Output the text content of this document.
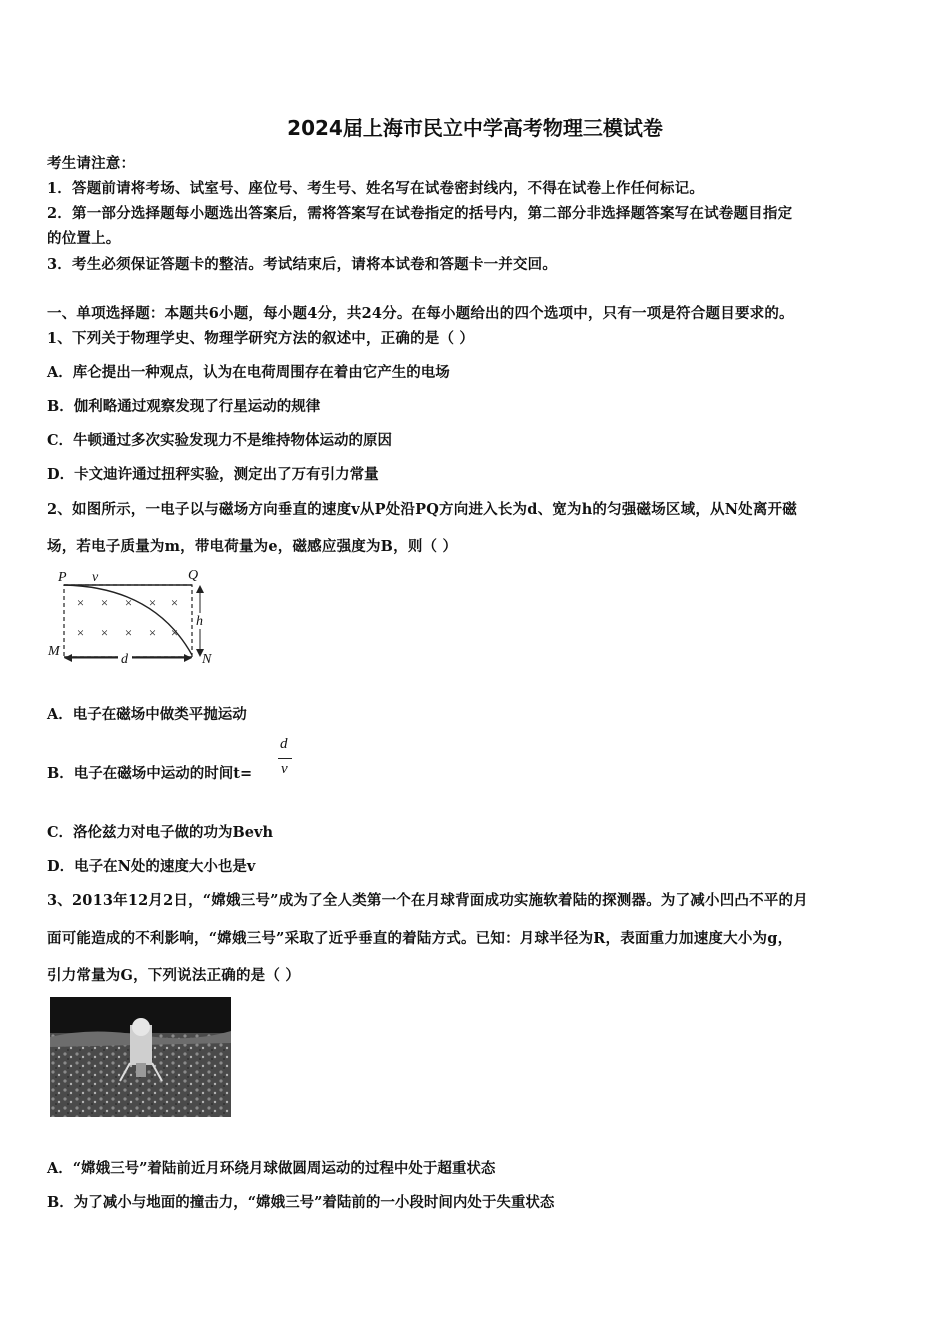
2024届上海市民立中学高考物理三模试卷
考生请注意：
1．答题前请将考场、试室号、座位号、考生号、姓名写在试卷密封线内，不得在试卷上作任何标记。
2．第一部分选择题每小题选出答案后，需将答案写在试卷指定的括号内，第二部分非选择题答案写在试卷题目指定
的位置上。
3．考生必须保证答题卡的整洁。考试结束后，请将本试卷和答题卡一并交回。
一、单项选择题：本题共6小题，每小题4分，共24分。在每小题给出的四个选项中，只有一项是符合题目要求的。
1、下列关于物理学史、物理学研究方法的叙述中，正确的是（ ）
A．库仑提出一种观点，认为在电荷周围存在着由它产生的电场
B．伽利略通过观察发现了行星运动的规律
C．牛顿通过多次实验发现力不是维持物体运动的原因
D．卡文迪许通过扭秤实验，测定出了万有引力常量
2、如图所示，一电子以与磁场方向垂直的速度v从P处沿PQ方向进入长为d、宽为h的匀强磁场区域，从N处离开磁
场，若电子质量为m，带电荷量为e，磁感应强度为B，则（ ）
× × × × ×
× × × × ×
P v	Q
M
N
h
d
A．电子在磁场中做类平抛运动
B．电子在磁场中运动的时间t=
d
v
C．洛伦兹力对电子做的功为Bevh
D．电子在N处的速度大小也是v
3、2013年12月2日，“嫦娥三号”成为了全人类第一个在月球背面成功实施软着陆的探测器。为了减小凹凸不平的月
面可能造成的不利影响，“嫦娥三号”采取了近乎垂直的着陆方式。已知：月球半径为R，表面重力加速度大小为g，
引力常量为G，下列说法正确的是（ ）
A．“嫦娥三号”着陆前近月环绕月球做圆周运动的过程中处于超重状态
B．为了减小与地面的撞击力，“嫦娥三号”着陆前的一小段时间内处于失重状态
